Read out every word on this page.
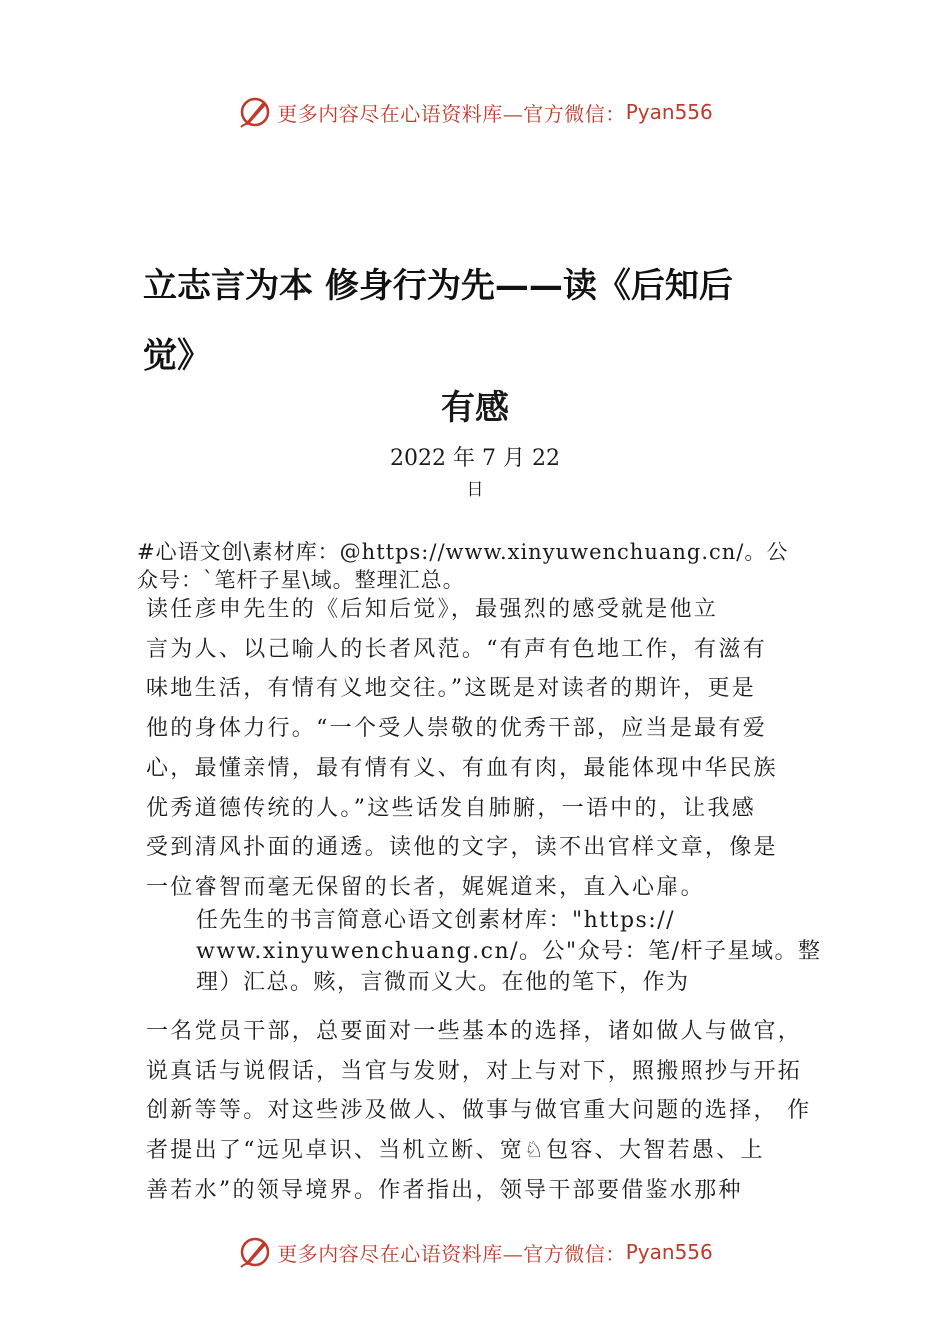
更多内容尽在心语资料库—官方微信： Pyan556
立志言为本 修身行为先——读《后知后
觉》
有感
2022 年 7 月 22
日
#心语文创\素材库：@https://www.xinyuwenchuang.cn/。公
众号：`笔杆子星\域。整理汇总。

读任彦申先生的《后知后觉》，最强烈的感受就是他立

言为人、以己喻人的长者风范。“有声有色地工作，有滋有

味地生活，有情有义地交往。”这既是对读者的期许，更是

他的身体力行。“一个受人崇敬的优秀干部，应当是最有爱

心，最懂亲情，最有情有义、有血有肉，最能体现中华民族

优秀道德传统的人。”这些话发自肺腑，一语中的，让我感

受到清风扑面的通透。读他的文字，读不出官样文章，像是

一位睿智而毫无保留的长者，娓娓道来，直入心扉。

任先生的书言简意心语文创素材库："https://

www.xinyuwenchuang.cn/。公"众号：笔/杆子星域。整

理）汇总。赅，言微而义大。在他的笔下，作为

一名党员干部，总要面对一些基本的选择，诸如做人与做官，

说真话与说假话，当官与发财，对上与对下，照搬照抄与开拓

创新等等。对这些涉及做人、做事与做官重大问题的选择， 作

者提出了“远见卓识、当机立断、宽♘包容、大智若愚、上

善若水”的领导境界。作者指出，领导干部要借鉴水那种

更多内容尽在心语资料库—官方微信： Pyan556
